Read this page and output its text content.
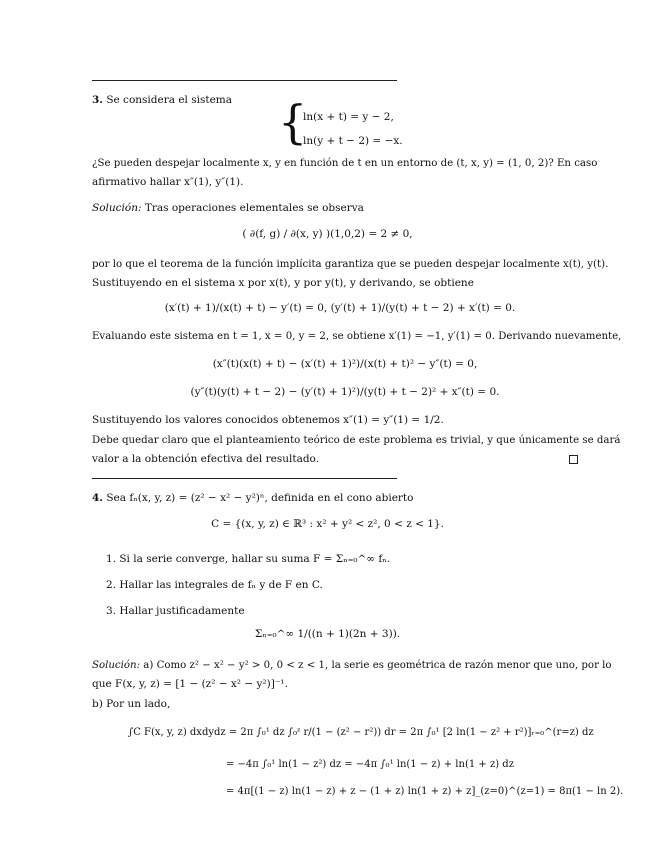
3. Se considera el sistema {
ln(x + t) = y − 2,
ln(y + t − 2) = −x.
¿Se pueden despejar localmente x, y en función de t en un entorno de (t, x, y) = (1, 0, 2)? En caso
afirmativo hallar x″(1), y″(1).
Solución: Tras operaciones elementales se observa
( ∂(f, g) / ∂(x, y) )(1,0,2) = 2 ≠ 0,
por lo que el teorema de la función implícita garantiza que se pueden despejar localmente x(t), y(t).
Sustituyendo en el sistema x por x(t), y por y(t), y derivando, se obtiene
(x′(t) + 1)/(x(t) + t) − y′(t) = 0, (y′(t) + 1)/(y(t) + t − 2) + x′(t) = 0.
Evaluando este sistema en t = 1, x = 0, y = 2, se obtiene x′(1) = −1, y′(1) = 0. Derivando nuevamente,
(x″(t)(x(t) + t) − (x′(t) + 1)²)/(x(t) + t)² − y″(t) = 0,
(y″(t)(y(t) + t − 2) − (y′(t) + 1)²)/(y(t) + t − 2)² + x″(t) = 0.
Sustituyendo los valores conocidos obtenemos x″(1) = y″(1) = 1/2.
Debe quedar claro que el planteamiento teórico de este problema es trivial, y que únicamente se dará
valor a la obtención efectiva del resultado.
4. Sea fₙ(x, y, z) = (z² − x² − y²)ⁿ, definida en el cono abierto
C = {(x, y, z) ∈ ℝ³ : x² + y² < z², 0 < z < 1}.
1. Si la serie converge, hallar su suma F = Σₙ₌₀^∞ fₙ.
2. Hallar las integrales de fₙ y de F en C.
3. Hallar justificadamente
Σₙ₌₀^∞ 1/((n + 1)(2n + 3)).
Solución: a) Como z² − x² − y² > 0, 0 < z < 1, la serie es geométrica de razón menor que uno, por lo
que F(x, y, z) = [1 − (z² − x² − y²)]⁻¹.
b) Por un lado,
∫C F(x, y, z) dxdydz = 2π ∫₀¹ dz ∫₀ᶻ r/(1 − (z² − r²)) dr = 2π ∫₀¹ [2 ln(1 − z² + r²)]ᵣ₌₀^(r=z) dz
= −4π ∫₀¹ ln(1 − z²) dz = −4π ∫₀¹ ln(1 − z) + ln(1 + z) dz
= 4π[(1 − z) ln(1 − z) + z − (1 + z) ln(1 + z) + z]_(z=0)^(z=1) = 8π(1 − ln 2).
